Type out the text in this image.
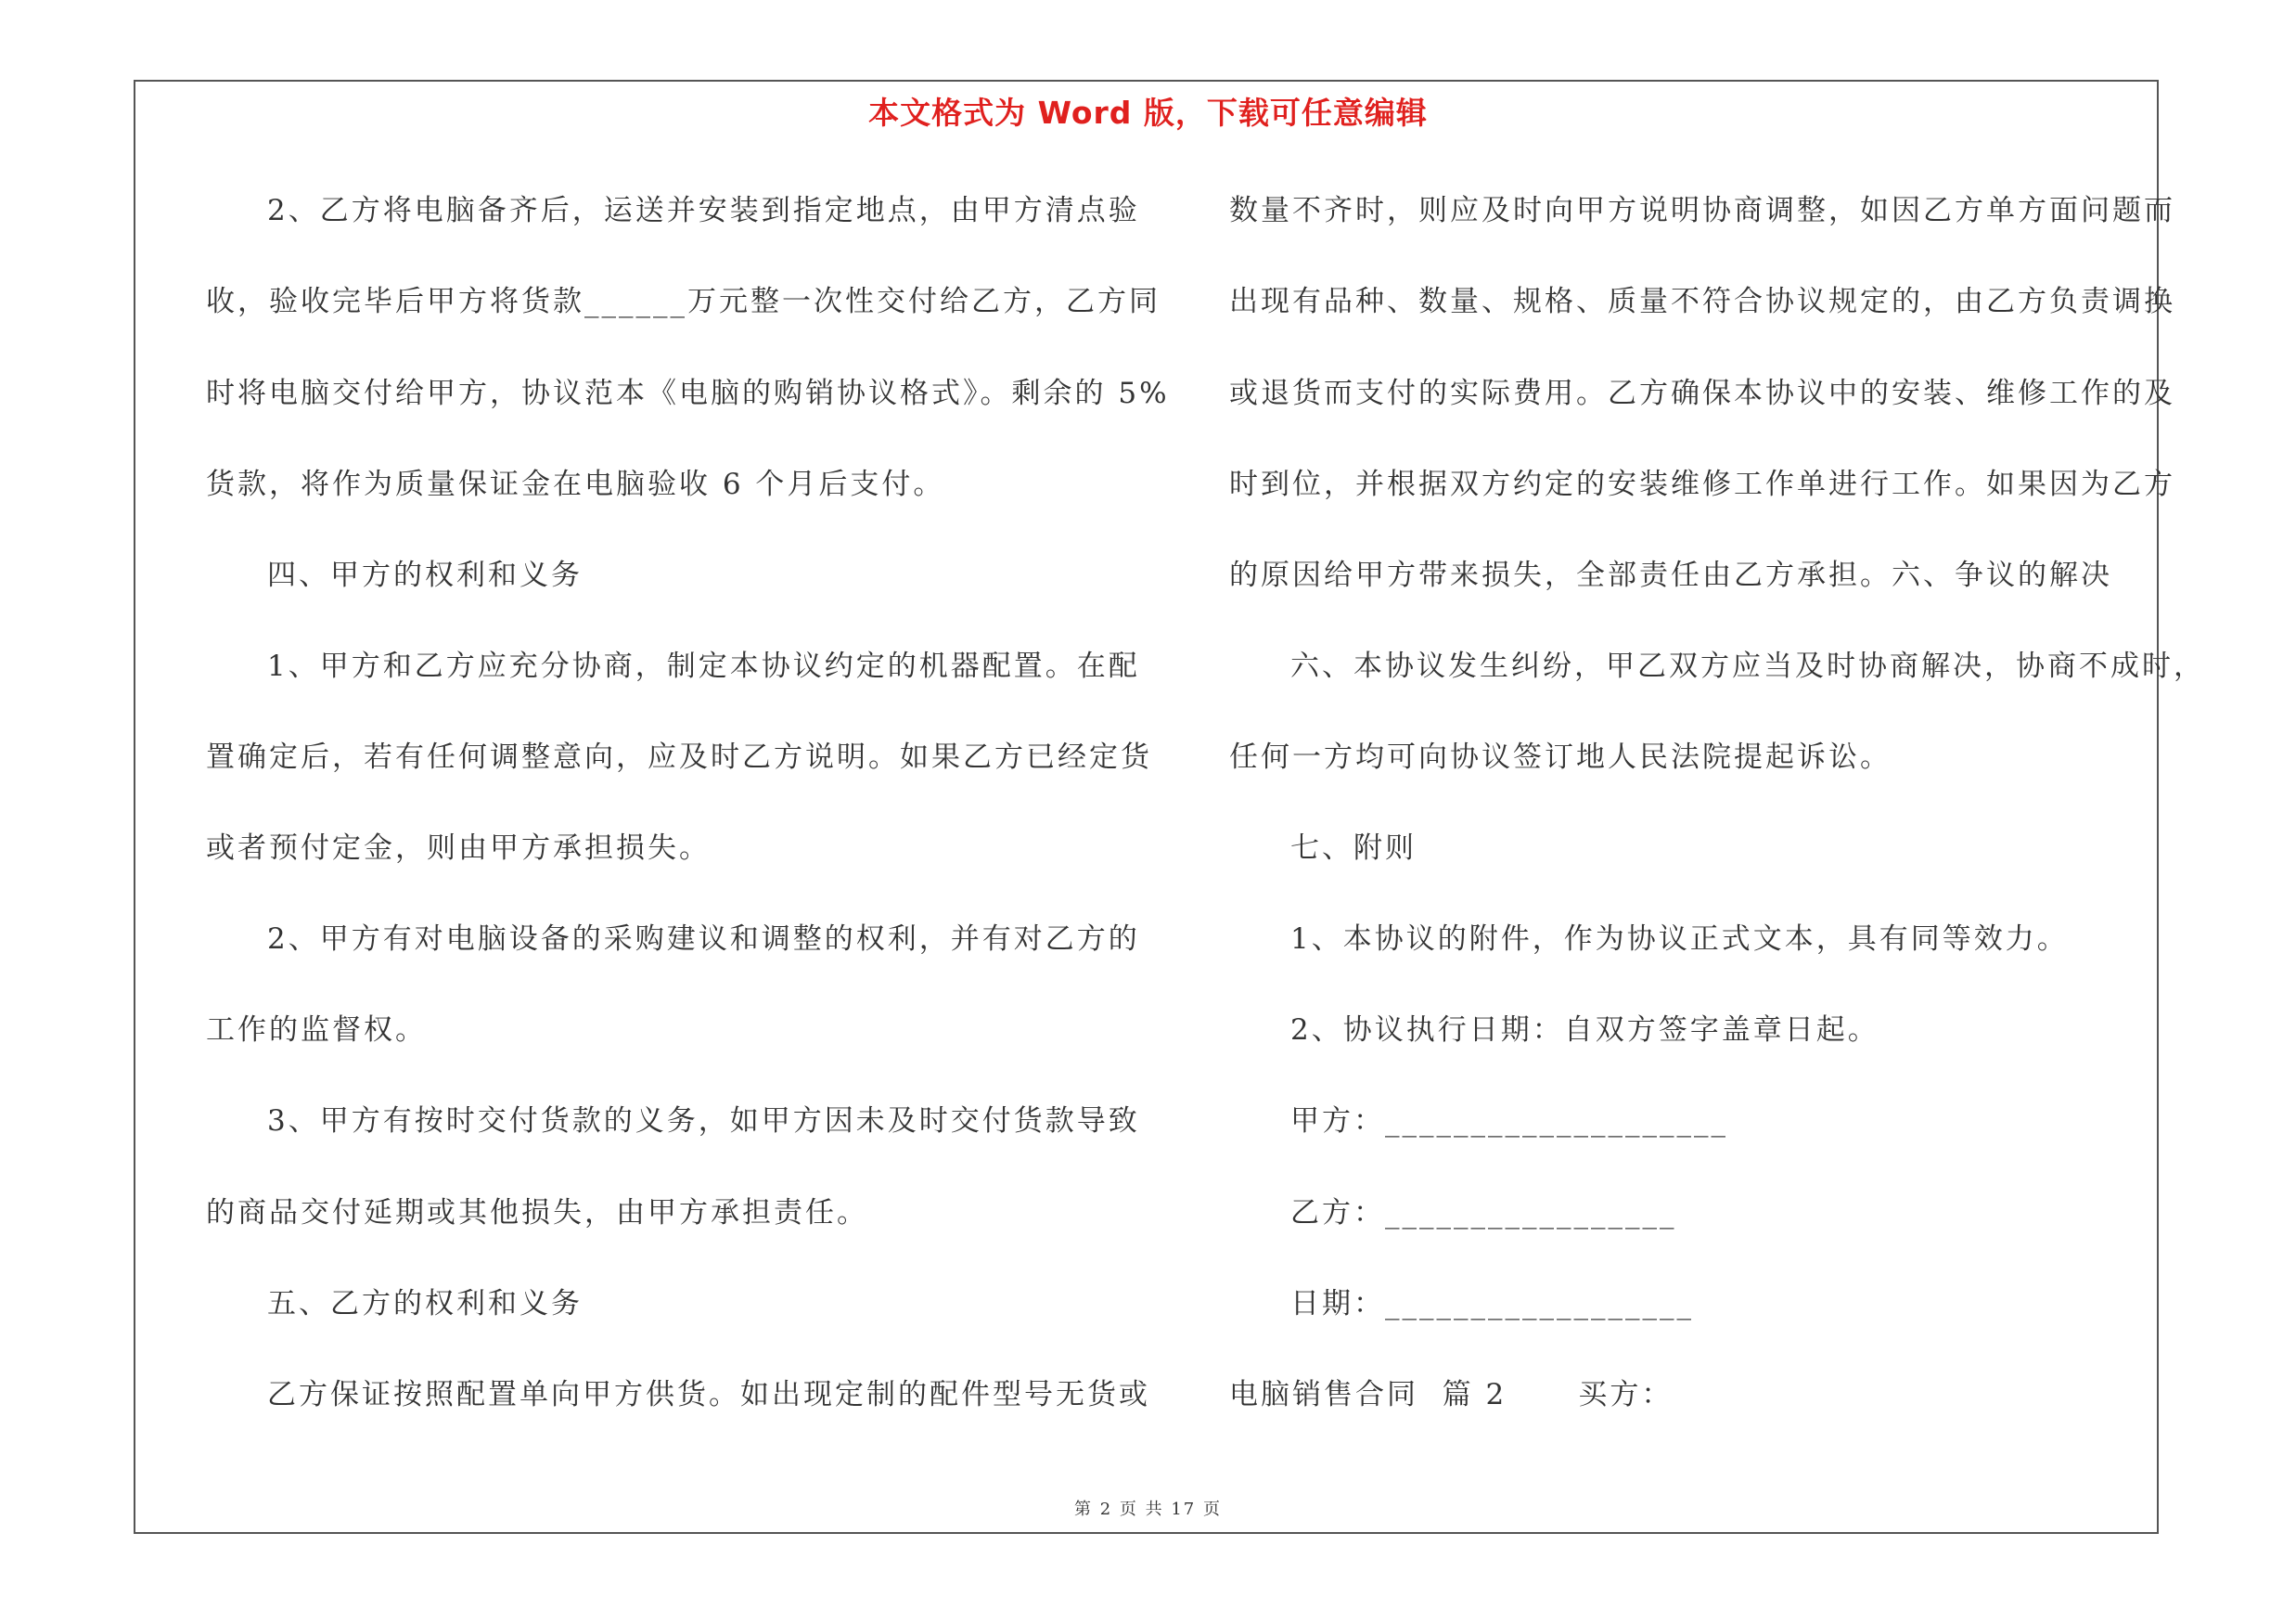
本文格式为 Word 版，下载可任意编辑
2、乙方将电脑备齐后，运送并安装到指定地点，由甲方清点验
收，验收完毕后甲方将货款______万元整一次性交付给乙方，乙方同
时将电脑交付给甲方，协议范本《电脑的购销协议格式》。剩余的 5%
货款，将作为质量保证金在电脑验收 6 个月后支付。
四、甲方的权利和义务
1、甲方和乙方应充分协商，制定本协议约定的机器配置。在配
置确定后，若有任何调整意向，应及时乙方说明。如果乙方已经定货
或者预付定金，则由甲方承担损失。
2、甲方有对电脑设备的采购建议和调整的权利，并有对乙方的
工作的监督权。
3、甲方有按时交付货款的义务，如甲方因未及时交付货款导致
的商品交付延期或其他损失，由甲方承担责任。
五、乙方的权利和义务
乙方保证按照配置单向甲方供货。如出现定制的配件型号无货或
数量不齐时，则应及时向甲方说明协商调整，如因乙方单方面问题而
出现有品种、数量、规格、质量不符合协议规定的，由乙方负责调换
或退货而支付的实际费用。乙方确保本协议中的安装、维修工作的及
时到位，并根据双方约定的安装维修工作单进行工作。如果因为乙方
的原因给甲方带来损失，全部责任由乙方承担。六、争议的解决
六、本协议发生纠纷，甲乙双方应当及时协商解决，协商不成时，
任何一方均可向协议签订地人民法院提起诉讼。
七、附则
1、本协议的附件，作为协议正式文本，具有同等效力。
2、协议执行日期：自双方签字盖章日起。
甲方：____________________
乙方：_________________
日期：__________________
电脑销售合同  篇 2      买方：
第 2 页 共 17 页
